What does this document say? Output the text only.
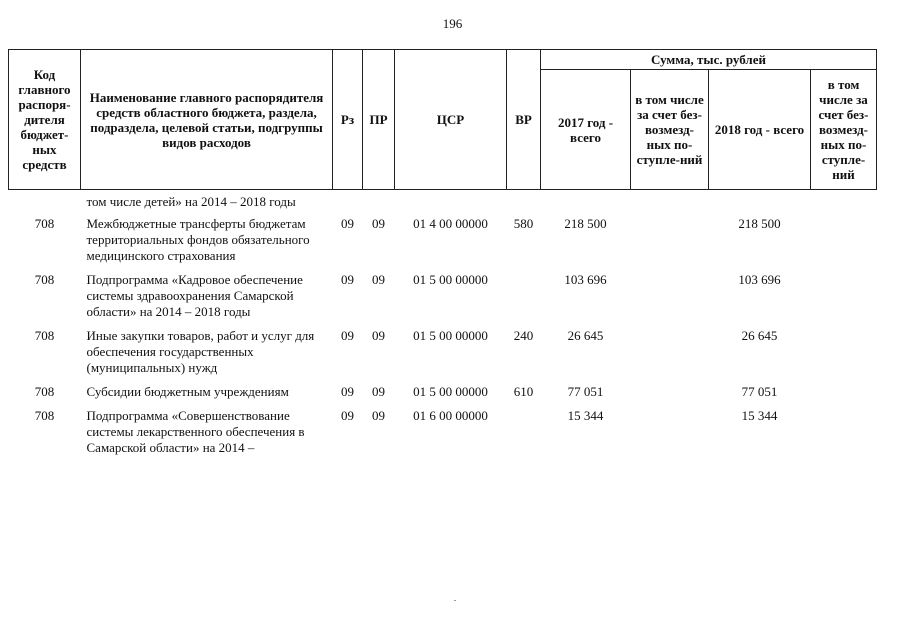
196
Код главного распоря-дителя бюджет-ных средств	Наименование главного распорядителя средств областного бюджета, раздела, подраздела, целевой статьи, подгруппы видов расходов	Рз	ПР	ЦСР	ВР	Сумма, тыс. рублей			
						2017 год - всего	в том числе за счет без-возмезд-ных по-ступле-ний	2018 год - всего	в том числе за счет без-возмезд-ных по-ступле-ний
	том числе детей» на 2014 – 2018 годы								
708	Межбюджетные трансферты бюджетам территориальных фондов обязательного медицинского страхования	09	09	01 4 00 00000	580	218 500		218 500	
708	Подпрограмма «Кадровое обеспечение системы здравоохранения Самарской области» на 2014 – 2018 годы	09	09	01 5 00 00000		103 696		103 696	
708	Иные закупки товаров, работ и услуг для обеспечения государственных (муниципальных) нужд	09	09	01 5 00 00000	240	26 645		26 645	
708	Субсидии бюджетным учреждениям	09	09	01 5 00 00000	610	77 051		77 051	
708	Подпрограмма «Совершенствование системы лекарственного обеспечения в Самарской области» на 2014 –	09	09	01 6 00 00000		15 344		15 344	
